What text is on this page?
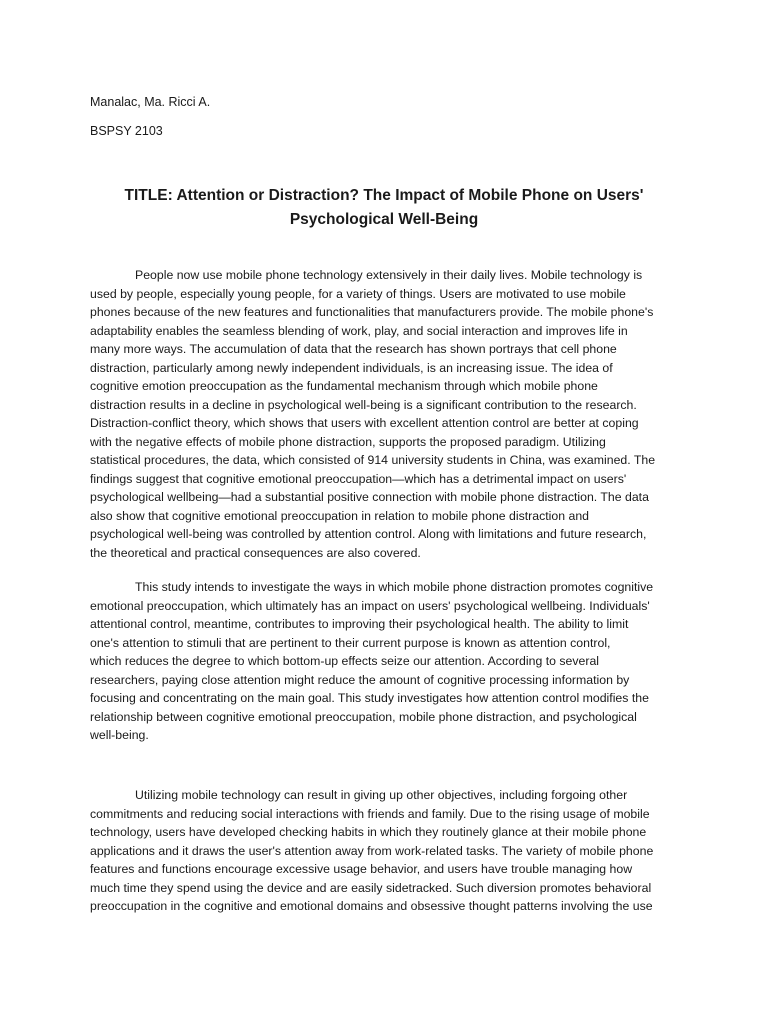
Manalac, Ma. Ricci A.
BSPSY 2103
TITLE: Attention or Distraction? The Impact of Mobile Phone on Users'
Psychological Well-Being
People now use mobile phone technology extensively in their daily lives. Mobile technology is
used by people, especially young people, for a variety of things. Users are motivated to use mobile
phones because of the new features and functionalities that manufacturers provide. The mobile phone's
adaptability enables the seamless blending of work, play, and social interaction and improves life in
many more ways. The accumulation of data that the research has shown portrays that cell phone
distraction, particularly among newly independent individuals, is an increasing issue. The idea of
cognitive emotion preoccupation as the fundamental mechanism through which mobile phone
distraction results in a decline in psychological well-being is a significant contribution to the research.
Distraction-conflict theory, which shows that users with excellent attention control are better at coping
with the negative effects of mobile phone distraction, supports the proposed paradigm. Utilizing
statistical procedures, the data, which consisted of 914 university students in China, was examined. The
findings suggest that cognitive emotional preoccupation—which has a detrimental impact on users'
psychological wellbeing—had a substantial positive connection with mobile phone distraction. The data
also show that cognitive emotional preoccupation in relation to mobile phone distraction and
psychological well-being was controlled by attention control. Along with limitations and future research,
the theoretical and practical consequences are also covered.
This study intends to investigate the ways in which mobile phone distraction promotes cognitive
emotional preoccupation, which ultimately has an impact on users' psychological wellbeing. Individuals'
attentional control, meantime, contributes to improving their psychological health. The ability to limit
one's attention to stimuli that are pertinent to their current purpose is known as attention control,
which reduces the degree to which bottom-up effects seize our attention. According to several
researchers, paying close attention might reduce the amount of cognitive processing information by
focusing and concentrating on the main goal. This study investigates how attention control modifies the
relationship between cognitive emotional preoccupation, mobile phone distraction, and psychological
well-being.
Utilizing mobile technology can result in giving up other objectives, including forgoing other
commitments and reducing social interactions with friends and family. Due to the rising usage of mobile
technology, users have developed checking habits in which they routinely glance at their mobile phone
applications and it draws the user's attention away from work-related tasks. The variety of mobile phone
features and functions encourage excessive usage behavior, and users have trouble managing how
much time they spend using the device and are easily sidetracked. Such diversion promotes behavioral
preoccupation in the cognitive and emotional domains and obsessive thought patterns involving the use
